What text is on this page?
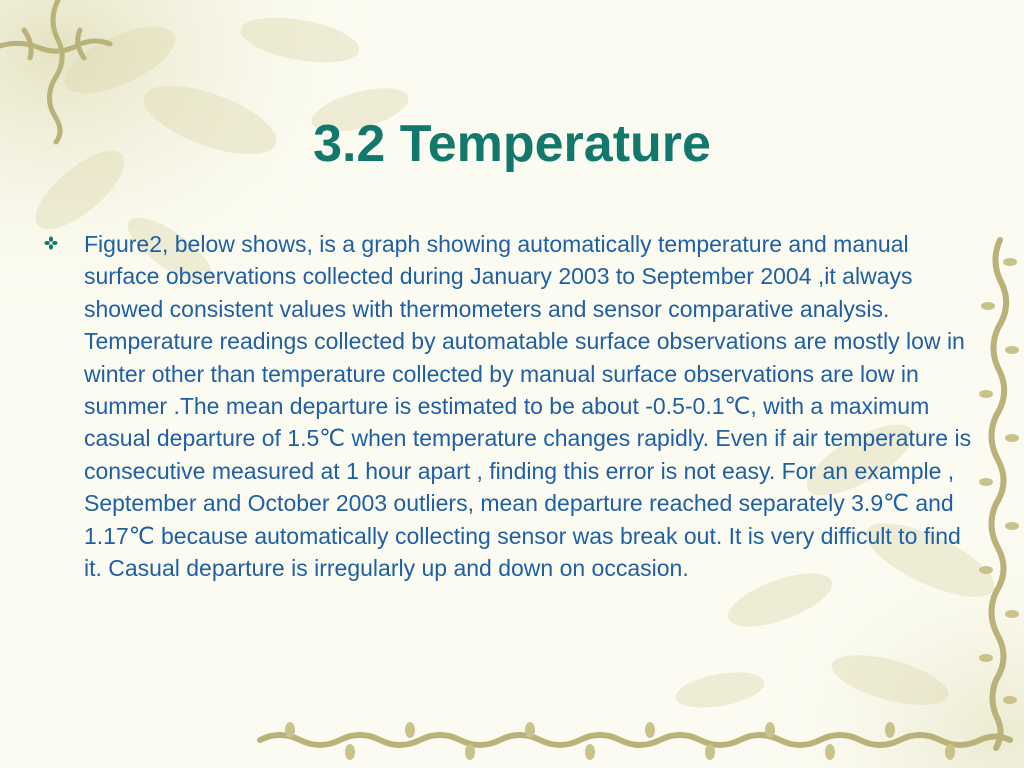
3.2 Temperature

Figure2, below shows, is a graph showing automatically temperature and manual surface observations collected during January 2003 to September 2004 ,it always showed consistent values with thermometers and sensor comparative analysis. Temperature readings collected by automatable surface observations are mostly low in winter other than temperature collected by manual surface observations are low in summer .The mean departure is estimated to be about -0.5-0.1℃, with a maximum casual departure of 1.5℃ when temperature changes rapidly. Even if air temperature is consecutive measured at 1 hour apart , finding this error is not easy. For an example , September and October 2003 outliers, mean departure reached separately 3.9℃ and 1.17℃ because automatically collecting sensor was break out. It is very difficult to find it. Casual departure is irregularly up and down on occasion.
